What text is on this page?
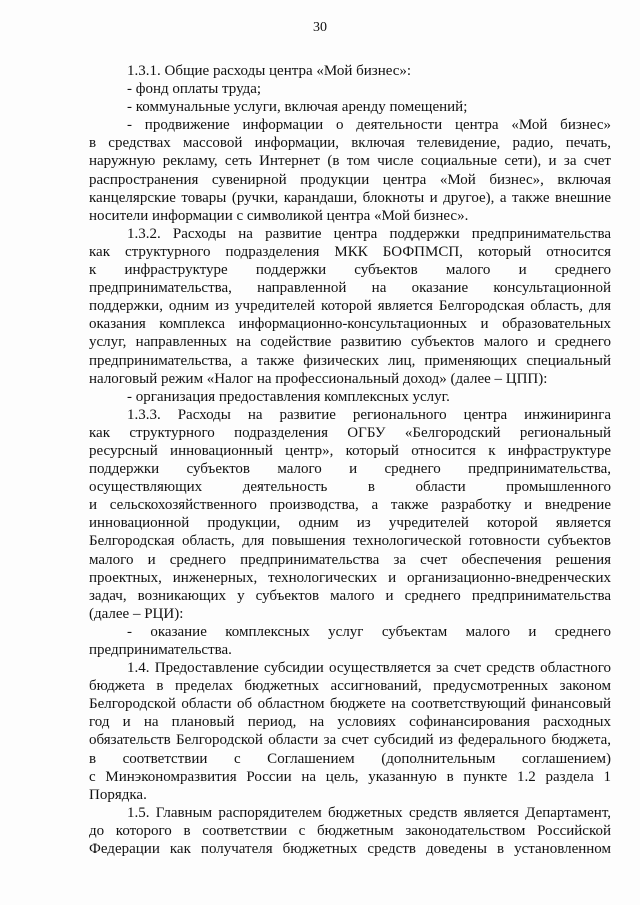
30
1.3.1. Общие расходы центра «Мой бизнес»:
- фонд оплаты труда;
- коммунальные услуги, включая аренду помещений;
- продвижение информации о деятельности центра «Мой бизнес»
в средствах массовой информации, включая телевидение, радио, печать,
наружную рекламу, сеть Интернет (в том числе социальные сети), и за счет
распространения сувенирной продукции центра «Мой бизнес», включая
канцелярские товары (ручки, карандаши, блокноты и другое), а также внешние
носители информации с символикой центра «Мой бизнес».
1.3.2. Расходы на развитие центра поддержки предпринимательства
как структурного подразделения МКК БОФПМСП, который относится
к инфраструктуре поддержки субъектов малого и среднего
предпринимательства, направленной на оказание консультационной
поддержки, одним из учредителей которой является Белгородская область, для
оказания комплекса информационно-консультационных и образовательных
услуг, направленных на содействие развитию субъектов малого и среднего
предпринимательства, а также физических лиц, применяющих специальный
налоговый режим «Налог на профессиональный доход» (далее – ЦПП):
- организация предоставления комплексных услуг.
1.3.3. Расходы на развитие регионального центра инжиниринга
как структурного подразделения ОГБУ «Белгородский региональный
ресурсный инновационный центр», который относится к инфраструктуре
поддержки субъектов малого и среднего предпринимательства,
осуществляющих деятельность в области промышленного
и сельскохозяйственного производства, а также разработку и внедрение
инновационной продукции, одним из учредителей которой является
Белгородская область, для повышения технологической готовности субъектов
малого и среднего предпринимательства за счет обеспечения решения
проектных, инженерных, технологических и организационно-внедренческих
задач, возникающих у субъектов малого и среднего предпринимательства
(далее – РЦИ):
- оказание комплексных услуг субъектам малого и среднего
предпринимательства.
1.4. Предоставление субсидии осуществляется за счет средств областного
бюджета в пределах бюджетных ассигнований, предусмотренных законом
Белгородской области об областном бюджете на соответствующий финансовый
год и на плановый период, на условиях софинансирования расходных
обязательств Белгородской области за счет субсидий из федерального бюджета,
в соответствии с Соглашением (дополнительным соглашением)
с Минэкономразвития России на цель, указанную в пункте 1.2 раздела 1
Порядка.
1.5. Главным распорядителем бюджетных средств является Департамент,
до которого в соответствии с бюджетным законодательством Российской
Федерации как получателя бюджетных средств доведены в установленном
